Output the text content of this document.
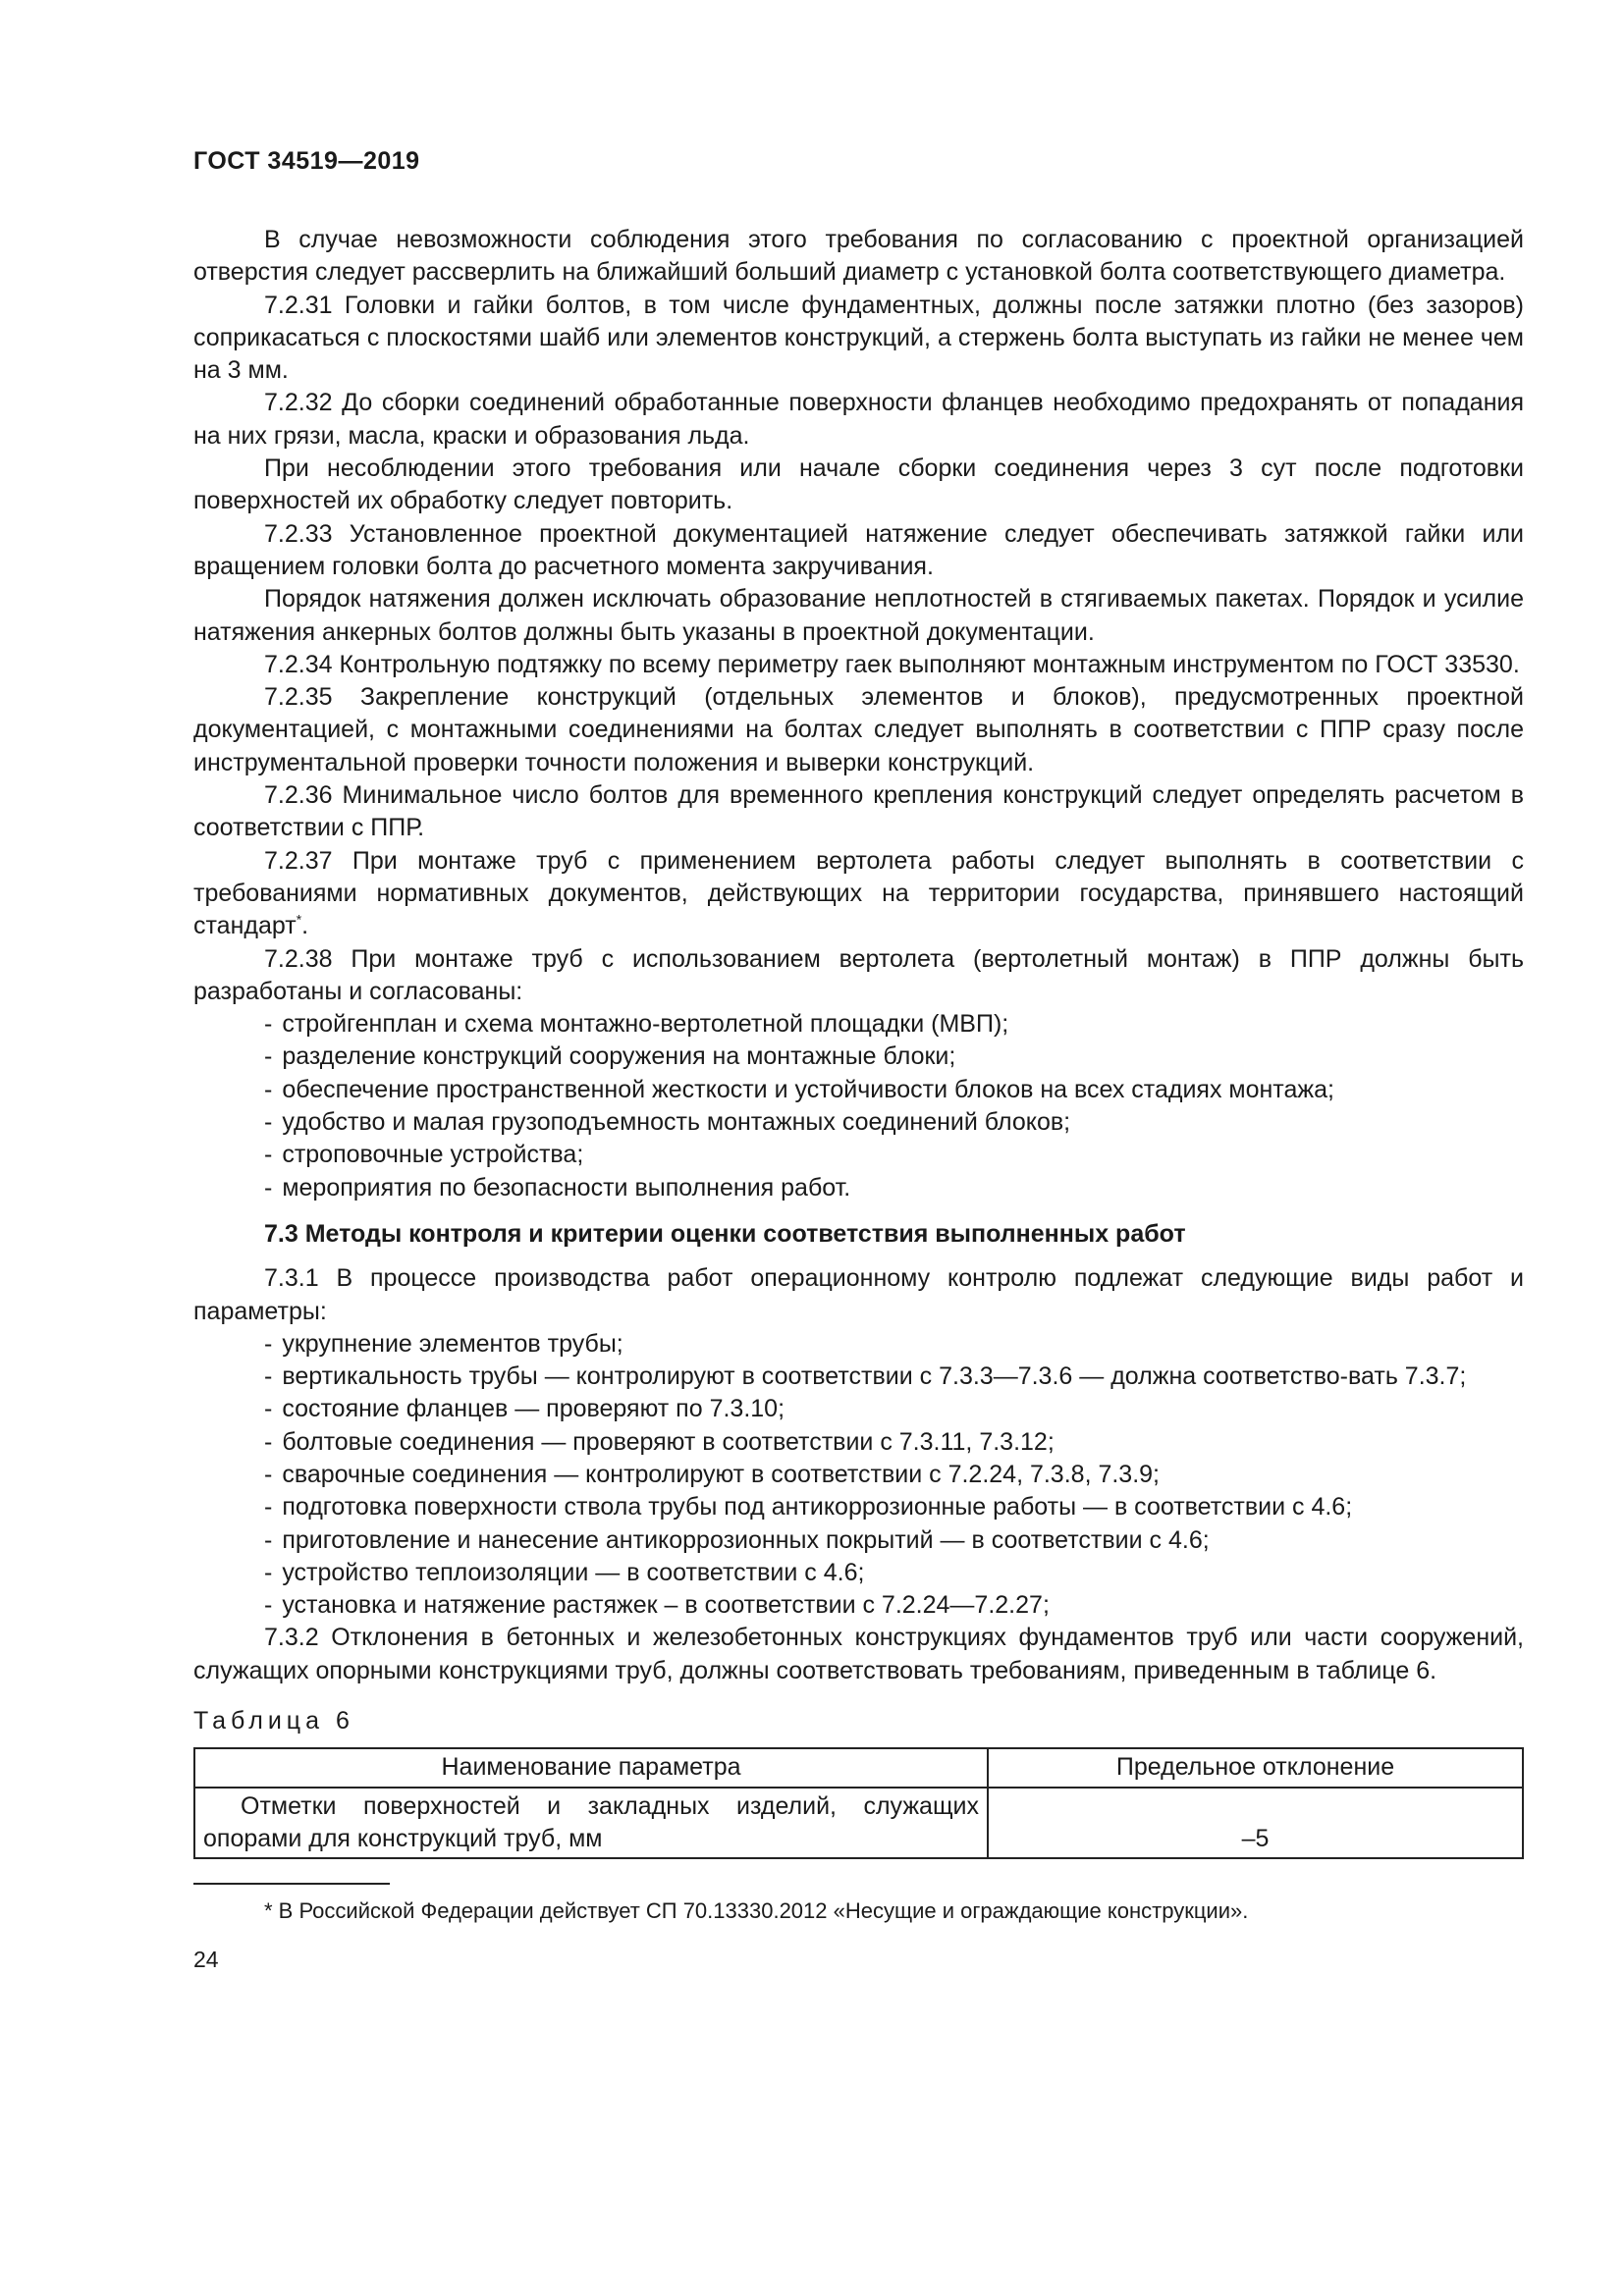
ГОСТ 34519—2019

В случае невозможности соблюдения этого требования по согласованию с проектной организацией отверстия следует рассверлить на ближайший больший диаметр с установкой болта соответствующего диаметра.

7.2.31 Головки и гайки болтов, в том числе фундаментных, должны после затяжки плотно (без зазоров) соприкасаться с плоскостями шайб или элементов конструкций, а стержень болта выступать из гайки не менее чем на 3 мм.

7.2.32 До сборки соединений обработанные поверхности фланцев необходимо предохранять от попадания на них грязи, масла, краски и образования льда.

При несоблюдении этого требования или начале сборки соединения через 3 сут после подготовки поверхностей их обработку следует повторить.

7.2.33 Установленное проектной документацией натяжение следует обеспечивать затяжкой гайки или вращением головки болта до расчетного момента закручивания.

Порядок натяжения должен исключать образование неплотностей в стягиваемых пакетах. Порядок и усилие натяжения анкерных болтов должны быть указаны в проектной документации.

7.2.34 Контрольную подтяжку по всему периметру гаек выполняют монтажным инструментом по ГОСТ 33530.

7.2.35 Закрепление конструкций (отдельных элементов и блоков), предусмотренных проектной документацией, с монтажными соединениями на болтах следует выполнять в соответствии с ППР сразу после инструментальной проверки точности положения и выверки конструкций.

7.2.36 Минимальное число болтов для временного крепления конструкций следует определять расчетом в соответствии с ППР.

7.2.37 При монтаже труб с применением вертолета работы следует выполнять в соответствии с требованиями нормативных документов, действующих на территории государства, принявшего настоящий стандарт*.

7.2.38 При монтаже труб с использованием вертолета (вертолетный монтаж) в ППР должны быть разработаны и согласованы:

- стройгенплан и схема монтажно-вертолетной площадки (МВП);

- разделение конструкций сооружения на монтажные блоки;

- обеспечение пространственной жесткости и устойчивости блоков на всех стадиях монтажа;

- удобство и малая грузоподъемность монтажных соединений блоков;

- строповочные устройства;

- мероприятия по безопасности выполнения работ.

7.3 Методы контроля и критерии оценки соответствия выполненных работ

7.3.1 В процессе производства работ операционному контролю подлежат следующие виды работ и параметры:

- укрупнение элементов трубы;

- вертикальность трубы — контролируют в соответствии с 7.3.3—7.3.6 — должна соответство-вать 7.3.7;

- состояние фланцев — проверяют по 7.3.10;

- болтовые соединения — проверяют в соответствии с 7.3.11, 7.3.12;

- сварочные соединения — контролируют в соответствии с 7.2.24, 7.3.8, 7.3.9;

- подготовка поверхности ствола трубы под антикоррозионные работы — в соответствии с 4.6;

- приготовление и нанесение антикоррозионных покрытий — в соответствии с 4.6;

- устройство теплоизоляции — в соответствии с 4.6;

- установка и натяжение растяжек – в соответствии с 7.2.24—7.2.27;

7.3.2 Отклонения в бетонных и железобетонных конструкциях фундаментов труб или части сооружений, служащих опорными конструкциями труб, должны соответствовать требованиям, приведенным в таблице 6.

Таблица 6
Наименование параметра	Предельное отклонение
Отметки поверхностей и закладных изделий, служащих опорами для конструкций труб, мм	–5

* В Российской Федерации действует СП 70.13330.2012 «Несущие и ограждающие конструкции».

24
